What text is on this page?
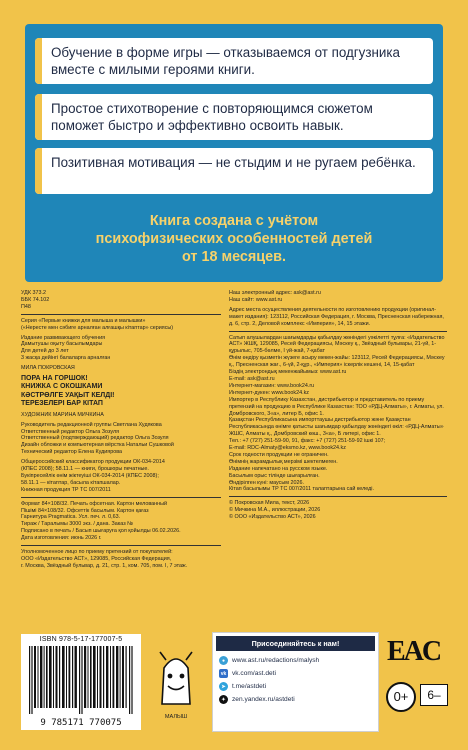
Обучение в форме игры — отказываемся от подгузника вместе с милыми героями книги.
Простое стихотворение с повторяющимся сюжетом поможет быстро и эффективно освоить навык.
Позитивная мотивация — не стыдим и не ругаем ребёнка.
Книга создана с учётом
психофизических особенностей детей
от 18 месяцев.

УДК 373.2

ББК 74.102

П48

Серия «Первые книжки для малыша и малышки»
(«Нересте мен сәбиге арналған алғашқы кітаптар» сериясы)

Издание развивающего обучения
Дамытушы оқыту басылымдары
Для детей до 3 лет
3 жасқа дейінгі балаларға арналған

МИЛА ПОКРОВСКАЯ

ПОРА НА ГОРШОК!
КНИЖКА С ОКОШКАМИ

КӘСТРӨЛГЕ УАҚЫТ КЕЛДІ!
ТЕРЕЗЕЛЕРІ БАР КІТАП

ХУДОЖНИК МАРИНА МИЧКИНА

Руководитель редакционной группы Светлана Худякова
Ответственный редактор Ольга Зозуля
Ответственный (подтверждающий) редактор Ольга Зозуля
Дизайн обложки и компьютерная вёрстка Натальи Сушковой
Технический редактор Елена Кудиярова

Общероссийский классификатор продукции ОК-034-2014
(КПЕС 2008); 58.11.1 — книги, брошюры печатные.
Букіпресейлік өнім жіктеуіші ОК-034-2014 (КПЕС 2008);
58.11.1 — кітаптар, басыла кітапшалар.
Книжная продукция ТР ТС 007/2011

Формат 84×108/32. Печать офсетная. Картон мелованный
Пішімі 84×108/32. Офсеттік басылым. Картон қағаз
Гарнитура Pragmatica. Усл. печ. л. 0,63.
Тираж / Таралымы 3000 экз. / дана. Заказ №
Подписано в печать / Басып шығаруға қол қойылды 06.02.2026.
Дата изготовления: июнь 2026 г.

Уполномоченное лицо по приему претензий от покупателей:
ООО «Издательство АСТ», 129085, Российская Федерация,
г. Москва, Звёздный бульвар, д. 21, стр. 1, ком. 705, пом. I, 7 этаж.

Наш электронный адрес: ask@ast.ru
Наш сайт: www.ast.ru

Адрес места осуществления деятельности по изготовлению продукции (оригинал-макет издания): 123112, Российская Федерация, г. Москва, Пресненская набережная, д. 6, стр. 2, Деловой комплекс «Империя», 14, 15 этажи.

Сатып алушылардан шағымдарды қабылдау жөніндегі уәкілетті тұлға: «Издательство АСТ» ЖШҚ, 129085, Ресей Федерациясы, Мәскеу қ., Звёздный бульвары, 21-үй, 1-құрылыс, 705-бөлме, I үй-жай, 7-қабат
Өнім өндіру қызметін жүзеге асыру мекен-жайы: 123112, Ресей Федерациясы, Мәскеу қ., Пресненская жағ., 6-үй, 2-құр., «Империя» іскерлік кешені, 14, 15-қабат
Біздің электрондық мекенжайымыз: www.ast.ru
E-mail: ask@ast.ru

Интернет-магазин: www.book24.ru
Интернет-дүкен: www.book24.kz

Импортер в Республику Казахстан, дистрибьютор и представитель по приему претензий на продукцию в Республике Казахстан: ТОО «РДЦ-Алматы», г. Алматы, ул. Домбровского, 3«а», литер Б, офис 1.

Қазақстан Республикасына импорттаушы дистрибьютор және Қазақстан Республикасында өнімге қатысты шағымдар қабылдау жөніндегі өкіл: «РДЦ-Алматы» ЖШС, Алматы қ., Домбровский көш., 3«а», Б литері, офис 1.

Тел.: +7 (727) 251-59-90, 91, факс: +7 (727) 251-59-92 ішкі 107;
E-mail: RDC-Almaty@eksmo.kz, www.book24.kz

Срок годности продукции не ограничен.
Өнімнің жарамдылық мерзімі шектелмеген.
Издание напечатано на русском языке.
Басылым орыс тілінде шығарылған.
Өндірілген күні: маусым 2026.
Кітап басылымы ТР ТС 007/2011 талаптарына сай келеді.

© Покровская Мила, текст, 2026
© Мичкина М.А., иллюстрации, 2026
© ООО «Издательство АСТ», 2026

ISBN 978-5-17-177007-5
9 785171 770075
МАЛЫШ
Присоединяйтесь к нам!
●	www.ast.ru/redactions/malysh
vk vk.com/ast.deti
➤ t.me/astdeti
✦ zen.yandex.ru/astdeti
EAC
0+	6–
